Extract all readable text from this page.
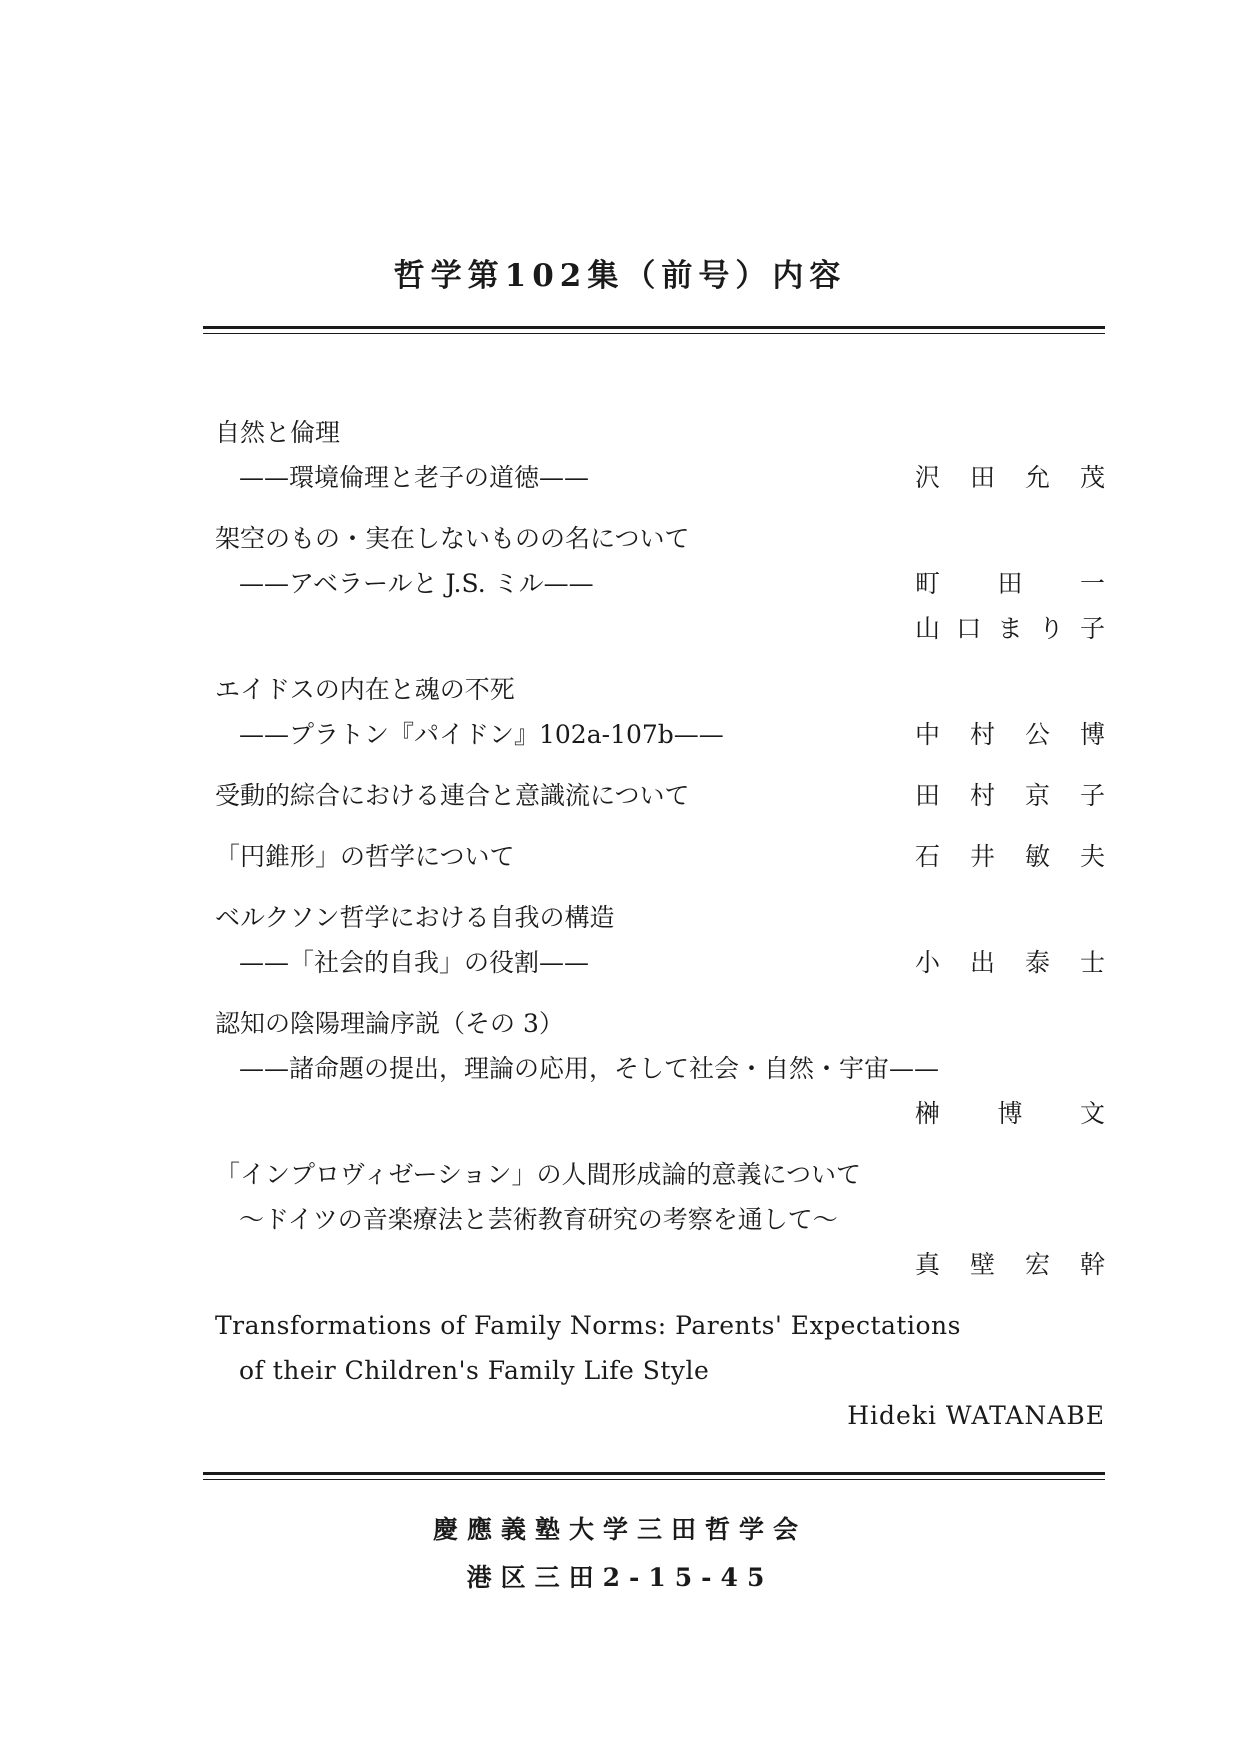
哲学第102集（前号）内容
自然と倫理
——環境倫理と老子の道徳——	沢 田 允 茂
架空のもの・実在しないものの名について
——アベラールと J.S. ミル——	町 田 一
山 口 ま り 子
エイドスの内在と魂の不死
——プラトン『パイドン』102a-107b——	中 村 公 博
受動的綜合における連合と意識流について	田 村 京 子
「円錐形」の哲学について	石 井 敏 夫
ベルクソン哲学における自我の構造
——「社会的自我」の役割——	小 出 泰 士
認知の陰陽理論序説（その 3）
——諸命題の提出，理論の応用，そして社会・自然・宇宙——
榊 博 文
「インプロヴィゼーション」の人間形成論的意義について
〜ドイツの音楽療法と芸術教育研究の考察を通して〜
真 壁 宏 幹
Transformations of Family Norms: Parents' Expectations
of their Children's Family Life Style
Hideki WATANABE
慶應義塾大学三田哲学会
港区三田2-15-45
